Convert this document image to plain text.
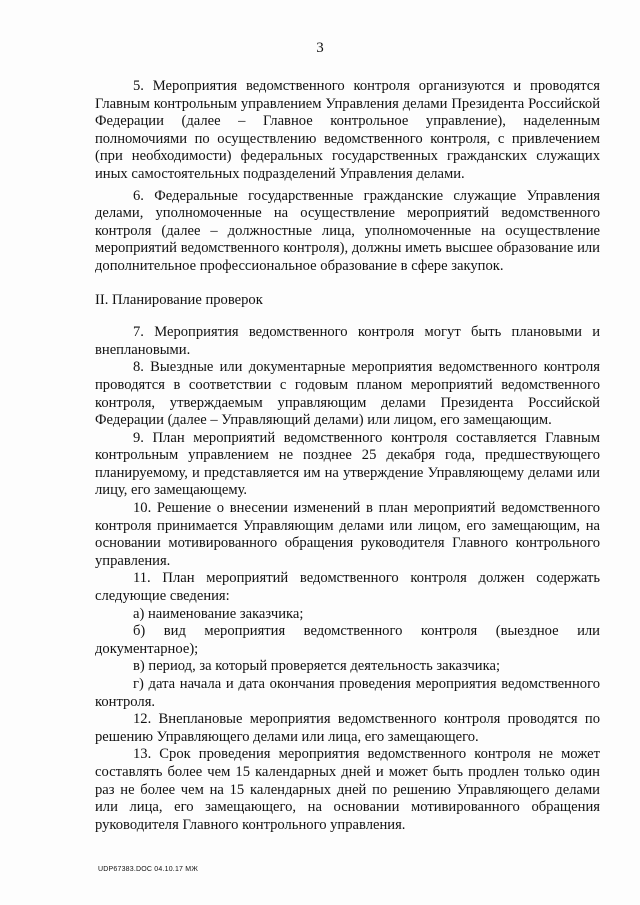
3

5. Мероприятия ведомственного контроля организуются и проводятся Главным контрольным управлением Управления делами Президента Российской Федерации (далее – Главное контрольное управление), наделенным полномочиями по осуществлению ведомственного контроля, с привлечением (при необходимости) федеральных государственных гражданских служащих иных самостоятельных подразделений Управления делами.

6. Федеральные государственные гражданские служащие Управления делами, уполномоченные на осуществление мероприятий ведомственного контроля (далее – должностные лица, уполномоченные на осуществление мероприятий ведомственного контроля), должны иметь высшее образование или дополнительное профессиональное образование в сфере закупок.

II. Планирование проверок

7. Мероприятия ведомственного контроля могут быть плановыми и внеплановыми.

8. Выездные или документарные мероприятия ведомственного контроля проводятся в соответствии с годовым планом мероприятий ведомственного контроля, утверждаемым управляющим делами Президента Российской Федерации (далее – Управляющий делами) или лицом, его замещающим.

9. План мероприятий ведомственного контроля составляется Главным контрольным управлением не позднее 25 декабря года, предшествующего планируемому, и представляется им на утверждение Управляющему делами или лицу, его замещающему.

10. Решение о внесении изменений в план мероприятий ведомственного контроля принимается Управляющим делами или лицом, его замещающим, на основании мотивированного обращения руководителя Главного контрольного управления.

11. План мероприятий ведомственного контроля должен содержать следующие сведения:

а) наименование заказчика;

б) вид мероприятия ведомственного контроля (выездное или документарное);

в) период, за который проверяется деятельность заказчика;

г) дата начала и дата окончания проведения мероприятия ведомственного контроля.

12. Внеплановые мероприятия ведомственного контроля проводятся по решению Управляющего делами или лица, его замещающего.

13. Срок проведения мероприятия ведомственного контроля не может составлять более чем 15 календарных дней и может быть продлен только один раз не более чем на 15 календарных дней по решению Управляющего делами или лица, его замещающего, на основании мотивированного обращения руководителя Главного контрольного управления.

UDP67383.DOC 04.10.17 MЖ
